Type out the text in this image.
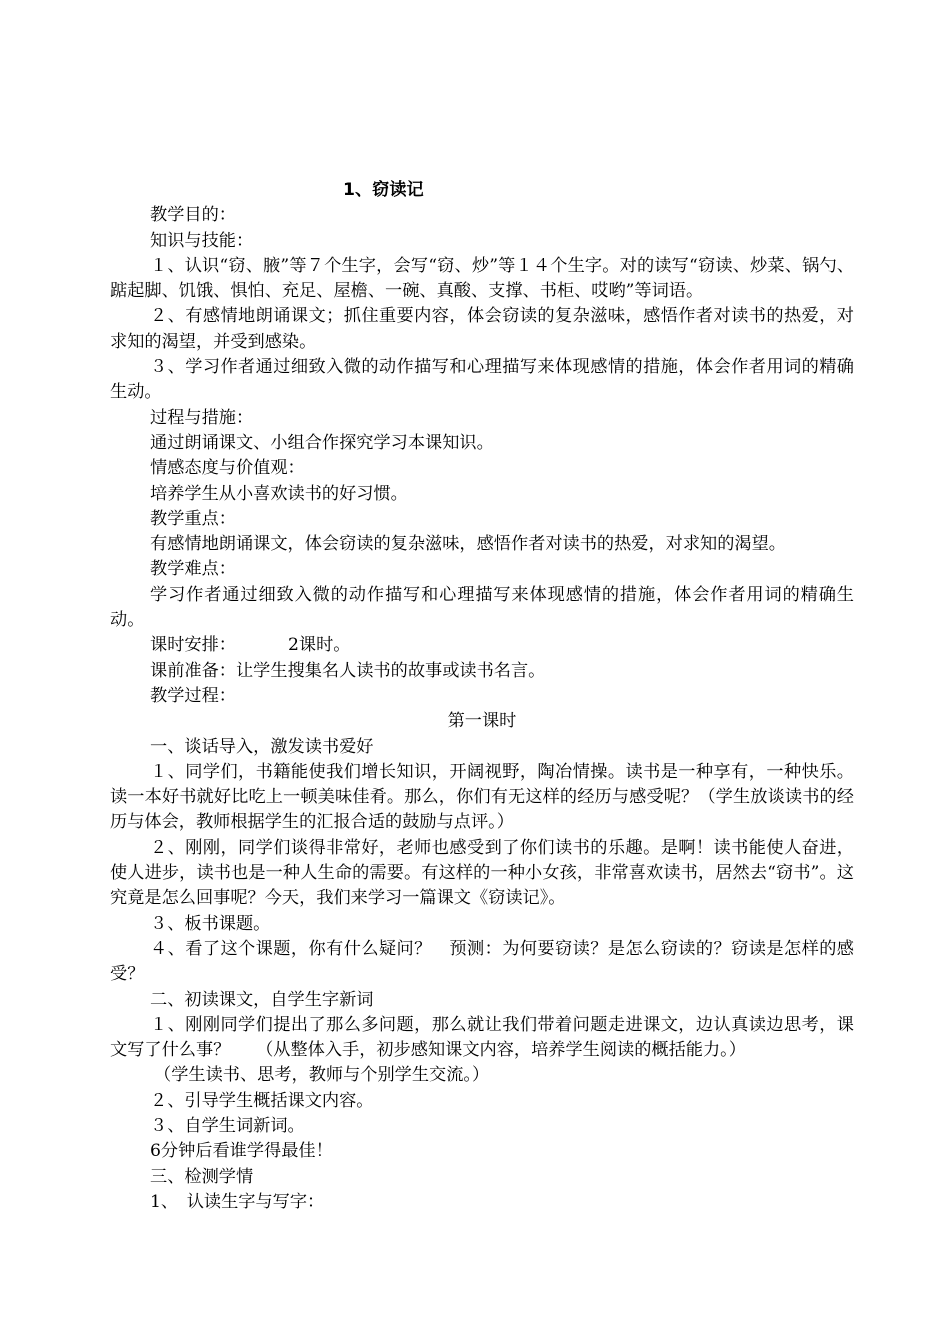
1、窃读记
教学目的：
知识与技能：
１、认识“窃、腋”等７个生字，会写“窃、炒”等１４个生字。对的读写“窃读、炒菜、锅勺、踮起脚、饥饿、惧怕、充足、屋檐、一碗、真酸、支撑、书柜、哎哟”等词语。
２、有感情地朗诵课文；抓住重要内容，体会窃读的复杂滋味，感悟作者对读书的热爱，对求知的渴望，并受到感染。
３、学习作者通过细致入微的动作描写和心理描写来体现感情的措施，体会作者用词的精确生动。
过程与措施：
通过朗诵课文、小组合作探究学习本课知识。
情感态度与价值观：
培养学生从小喜欢读书的好习惯。
教学重点：
有感情地朗诵课文，体会窃读的复杂滋味，感悟作者对读书的热爱，对求知的渴望。
教学难点：
学习作者通过细致入微的动作描写和心理描写来体现感情的措施，体会作者用词的精确生动。
课时安排：	2课时。
课前准备：让学生搜集名人读书的故事或读书名言。
教学过程：
第一课时
一、谈话导入，激发读书爱好
１、同学们，书籍能使我们增长知识，开阔视野，陶冶情操。读书是一种享有，一种快乐。读一本好书就好比吃上一顿美味佳肴。那么，你们有无这样的经历与感受呢？（学生放谈读书的经历与体会，教师根据学生的汇报合适的鼓励与点评。）
２、刚刚，同学们谈得非常好，老师也感受到了你们读书的乐趣。是啊！读书能使人奋进，使人进步，读书也是一种人生命的需要。有这样的一种小女孩，非常喜欢读书，居然去“窃书”。这究竟是怎么回事呢？今天，我们来学习一篇课文《窃读记》。
３、板书课题。
４、看了这个课题，你有什么疑问？　预测：为何要窃读？是怎么窃读的？窃读是怎样的感受？
二、初读课文，自学生字新词
１、刚刚同学们提出了那么多问题，那么就让我们带着问题走进课文，边认真读边思考，课文写了什么事？　　（从整体入手，初步感知课文内容，培养学生阅读的概括能力。）
（学生读书、思考，教师与个别学生交流。）
２、引导学生概括课文内容。
３、自学生词新词。
6分钟后看谁学得最佳！
三、检测学情
1、　认读生字与写字：
